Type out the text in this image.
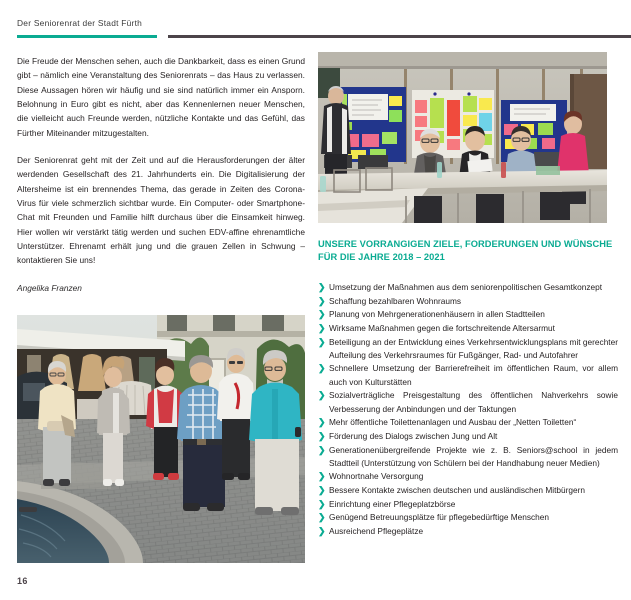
Der Seniorenrat der Stadt Fürth

Die Freude der Menschen sehen, auch die Dankbarkeit, dass es einen Grund gibt – nämlich eine Veranstaltung des Seniorenrats – das Haus zu verlassen. Diese Aussagen hören wir häufig und sie sind natürlich immer ein Ansporn. Belohnung in Euro gibt es nicht, aber das Kennenlernen neuer Menschen, die vielleicht auch Freunde werden, nützliche Kontakte und das Gefühl, das Fürther Miteinander mitzugestalten.

Der Seniorenrat geht mit der Zeit und auf die Herausforderungen der älter werdenden Gesellschaft des 21. Jahrhunderts ein. Die Digitalisierung der Altersheime ist ein brennendes Thema, das gerade in Zeiten des Corona-Virus für viele schmerzlich sichtbar wurde. Ein Computer- oder Smartphone-Chat mit Freunden und Familie hilft durchaus über die Einsamkeit hinweg. Hier wollen wir verstärkt tätig werden und suchen EDV-affine ehrenamtliche Unterstützer. Ehrenamt erhält jung und die grauen Zellen in Schwung – kontaktieren Sie uns!

Angelika Franzen

UNSERE VORRANGIGEN ZIELE, FORDERUNGEN UND WÜNSCHE
FÜR DIE JAHRE 2018 – 2021
❯ Umsetzung der Maßnahmen aus dem seniorenpolitischen Gesamtkonzept
❯ Schaffung bezahlbaren Wohnraums
❯ Planung von Mehrgenerationenhäusern in allen Stadtteilen
❯ Wirksame Maßnahmen gegen die fortschreitende Altersarmut
❯ Beteiligung an der Entwicklung eines Verkehrsentwicklungsplans mit gerechter Aufteilung des Verkehrsraumes für Fußgänger, Rad- und Autofahrer
❯ Schnellere Umsetzung der Barrierefreiheit im öffentlichen Raum, vor allem auch von Kulturstätten
❯ Sozialverträgliche Preisgestaltung des öffentlichen Nahverkehrs sowie Verbesserung der Anbindungen und der Taktungen
❯ Mehr öffentliche Toilettenanlagen und Ausbau der „Netten Toiletten“
❯ Förderung des Dialogs zwischen Jung und Alt
❯ Generationenübergreifende Projekte wie z. B. Seniors@school in jedem Stadtteil (Unterstützung von Schülern bei der Handhabung neuer Medien)
❯ Wohnortnahe Versorgung
❯ Bessere Kontakte zwischen deutschen und ausländischen Mitbürgern
❯ Einrichtung einer Pflegeplatzbörse
❯ Genügend Betreuungsplätze für pflegebedürftige Menschen
❯ Ausreichend Pflegeplätze
16
